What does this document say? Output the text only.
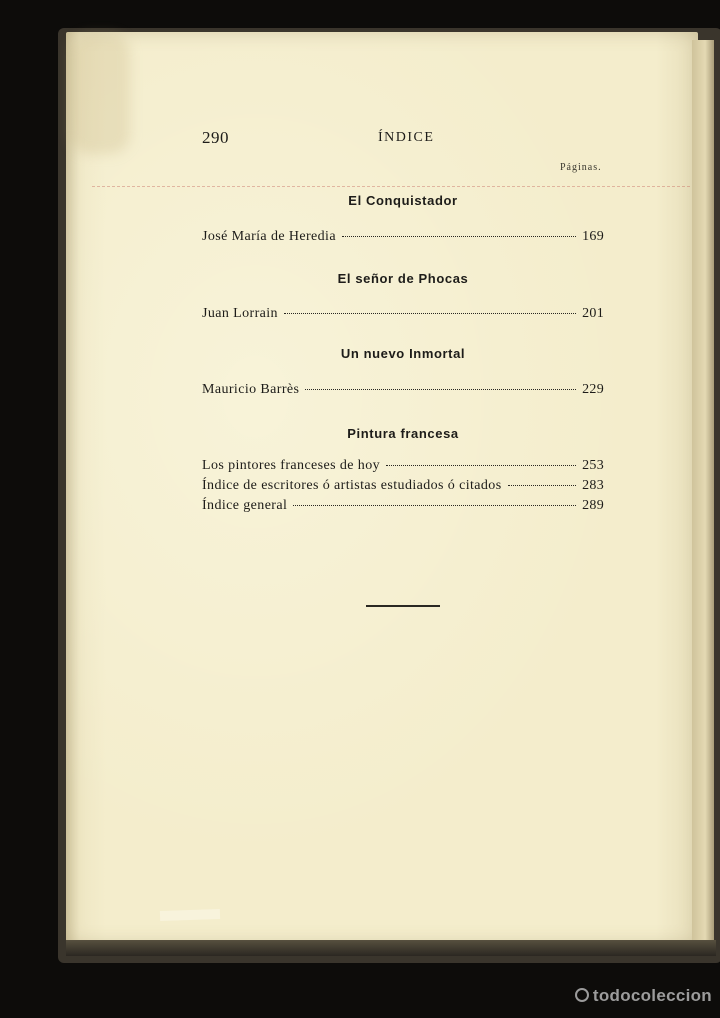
290	ÍNDICE
Páginas.
El Conquistador
José María de Heredia	169
El señor de Phocas
Juan Lorrain	201
Un nuevo Inmortal
Mauricio Barrès	229
Pintura francesa
Los pintores franceses de hoy	253
Índice de escritores ó artistas estudiados ó citados	283
Índice general	289
todocoleccion
